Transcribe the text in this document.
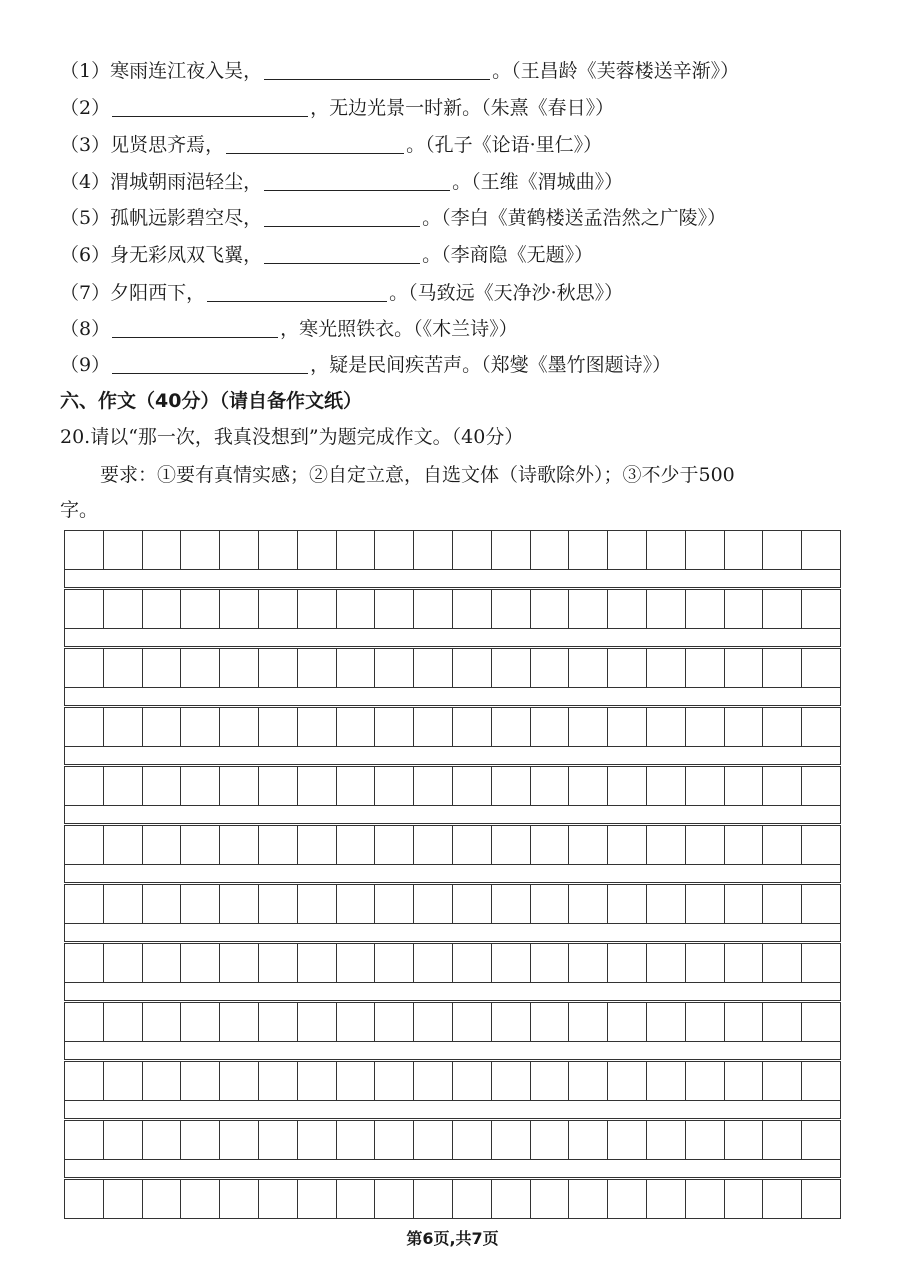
（1）寒雨连江夜入吴，	。（王昌龄《芙蓉楼送辛渐》）
（2）	，无边光景一时新。（朱熹《春日》）
（3）见贤思齐焉，	。（孔子《论语·里仁》）
（4）渭城朝雨浥轻尘，	。（王维《渭城曲》）
（5）孤帆远影碧空尽，	。（李白《黄鹤楼送孟浩然之广陵》）
（6）身无彩凤双飞翼，	。（李商隐《无题》）
（7）夕阳西下，	。（马致远《天净沙·秋思》）
（8）	，寒光照铁衣。（《木兰诗》）
（9）	，疑是民间疾苦声。（郑燮《墨竹图题诗》）
六、作文（40分）（请自备作文纸）
20.请以“那一次，我真没想到”为题完成作文。（40分）
要求：①要有真情实感；②自定立意，自选文体（诗歌除外）；③不少于500
字。
第6页,共7页
